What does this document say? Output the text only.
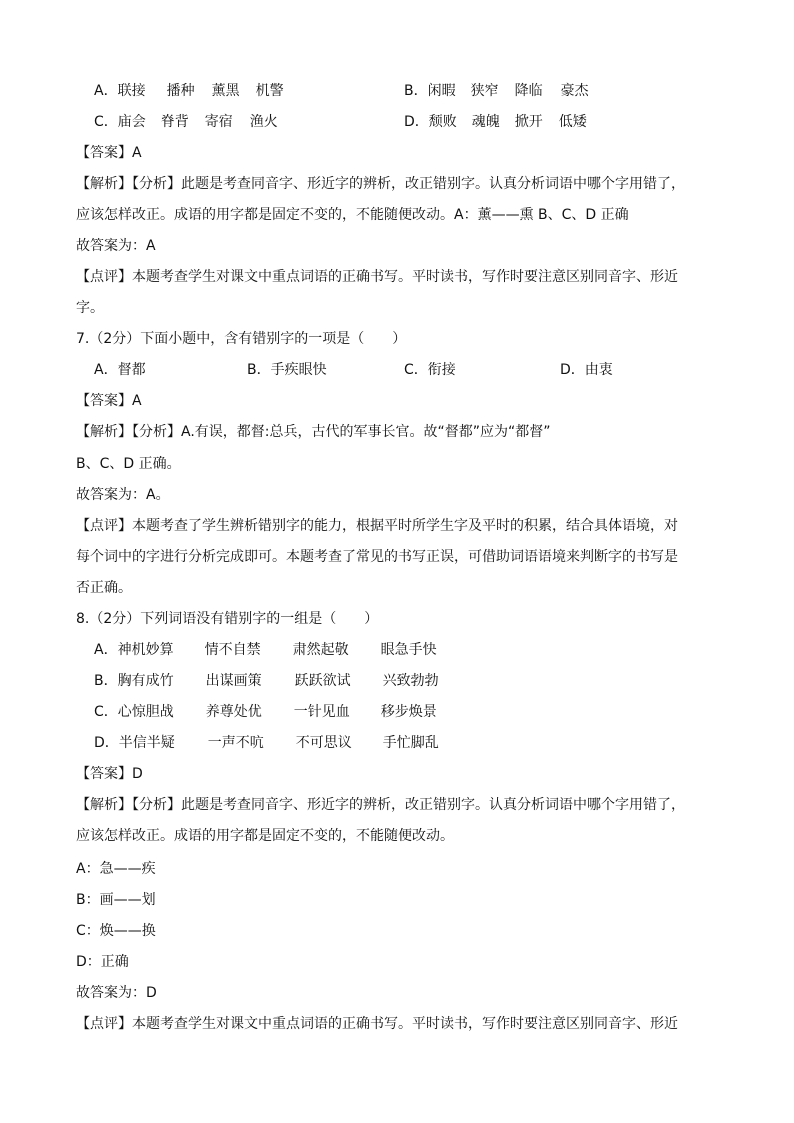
A．联接 播种 薰黑 机警	B．闲暇 狭窄 降临 豪杰
C．庙会 脊背 寄宿 渔火	D．颓败 魂魄 掀开 低矮
【答案】A
【解析】【分析】此题是考查同音字、形近字的辨析，改正错别字。认真分析词语中哪个字用错了，
应该怎样改正。成语的用字都是固定不变的，不能随便改动。A：薰——熏 B、C、D 正确
故答案为：A
【点评】本题考查学生对课文中重点词语的正确书写。平时读书，写作时要注意区别同音字、形近
字。
7.（2分）下面小题中，含有错别字的一项是（　　）
A．督都	B．手疾眼快	C．衔接	D．由衷
【答案】A
【解析】【分析】A.有误，都督:总兵，古代的军事长官。故“督都”应为“都督”
B、C、D 正确。
故答案为：A。
【点评】本题考查了学生辨析错别字的能力，根据平时所学生字及平时的积累，结合具体语境，对
每个词中的字进行分析完成即可。本题考查了常见的书写正误，可借助词语语境来判断字的书写是
否正确。
8.（2分）下列词语没有错别字的一组是（　　）
A．神机妙算 情不自禁 肃然起敬 眼急手快
B．胸有成竹 出谋画策 跃跃欲试 兴致勃勃
C．心惊胆战 养尊处优 一针见血 移步焕景
D．半信半疑 一声不吭 不可思议 手忙脚乱
【答案】D
【解析】【分析】此题是考查同音字、形近字的辨析，改正错别字。认真分析词语中哪个字用错了，
应该怎样改正。成语的用字都是固定不变的，不能随便改动。
A：急——疾
B：画——划
C：焕——换
D：正确
故答案为：D
【点评】本题考查学生对课文中重点词语的正确书写。平时读书，写作时要注意区别同音字、形近
